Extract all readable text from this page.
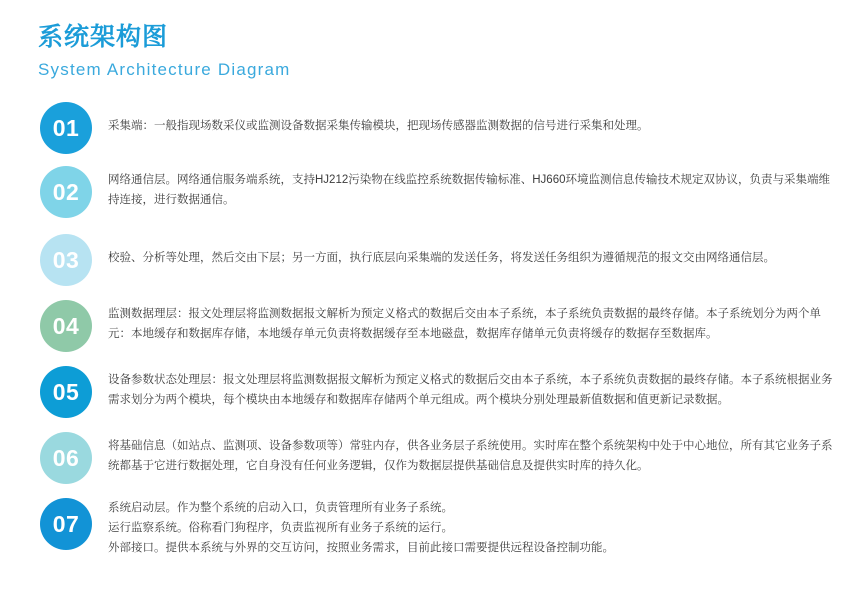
系统架构图
System Architecture Diagram
01	采集端：一般指现场数采仪或监测设备数据采集传输模块，把现场传感器监测数据的信号进行采集和处理。
02	网络通信层。网络通信服务端系统，支持HJ212污染物在线监控系统数据传输标准、HJ660环境监测信息传输技术规定双协议，负责与采集端维
持连接，进行数据通信。
03	校验、分析等处理，然后交由下层；另一方面，执行底层向采集端的发送任务，将发送任务组织为遵循规范的报文交由网络通信层。
04	监测数据理层：报文处理层将监测数据报文解析为预定义格式的数据后交由本子系统，本子系统负责数据的最终存储。本子系统划分为两个单
元：本地缓存和数据库存储，本地缓存单元负责将数据缓存至本地磁盘，数据库存储单元负责将缓存的数据存至数据库。
05	设备参数状态处理层：报文处理层将监测数据报文解析为预定义格式的数据后交由本子系统，本子系统负责数据的最终存储。本子系统根据业务
需求划分为两个模块，每个模块由本地缓存和数据库存储两个单元组成。两个模块分别处理最新值数据和值更新记录数据。
06	将基础信息（如站点、监测项、设备参数项等）常驻内存，供各业务层子系统使用。实时库在整个系统架构中处于中心地位，所有其它业务子系
统都基于它进行数据处理，它自身没有任何业务逻辑，仅作为数据层提供基础信息及提供实时库的持久化。
07
系统启动层。作为整个系统的启动入口，负责管理所有业务子系统。
运行监察系统。俗称看门狗程序，负责监视所有业务子系统的运行。
外部接口。提供本系统与外界的交互访问，按照业务需求，目前此接口需要提供远程设备控制功能。
